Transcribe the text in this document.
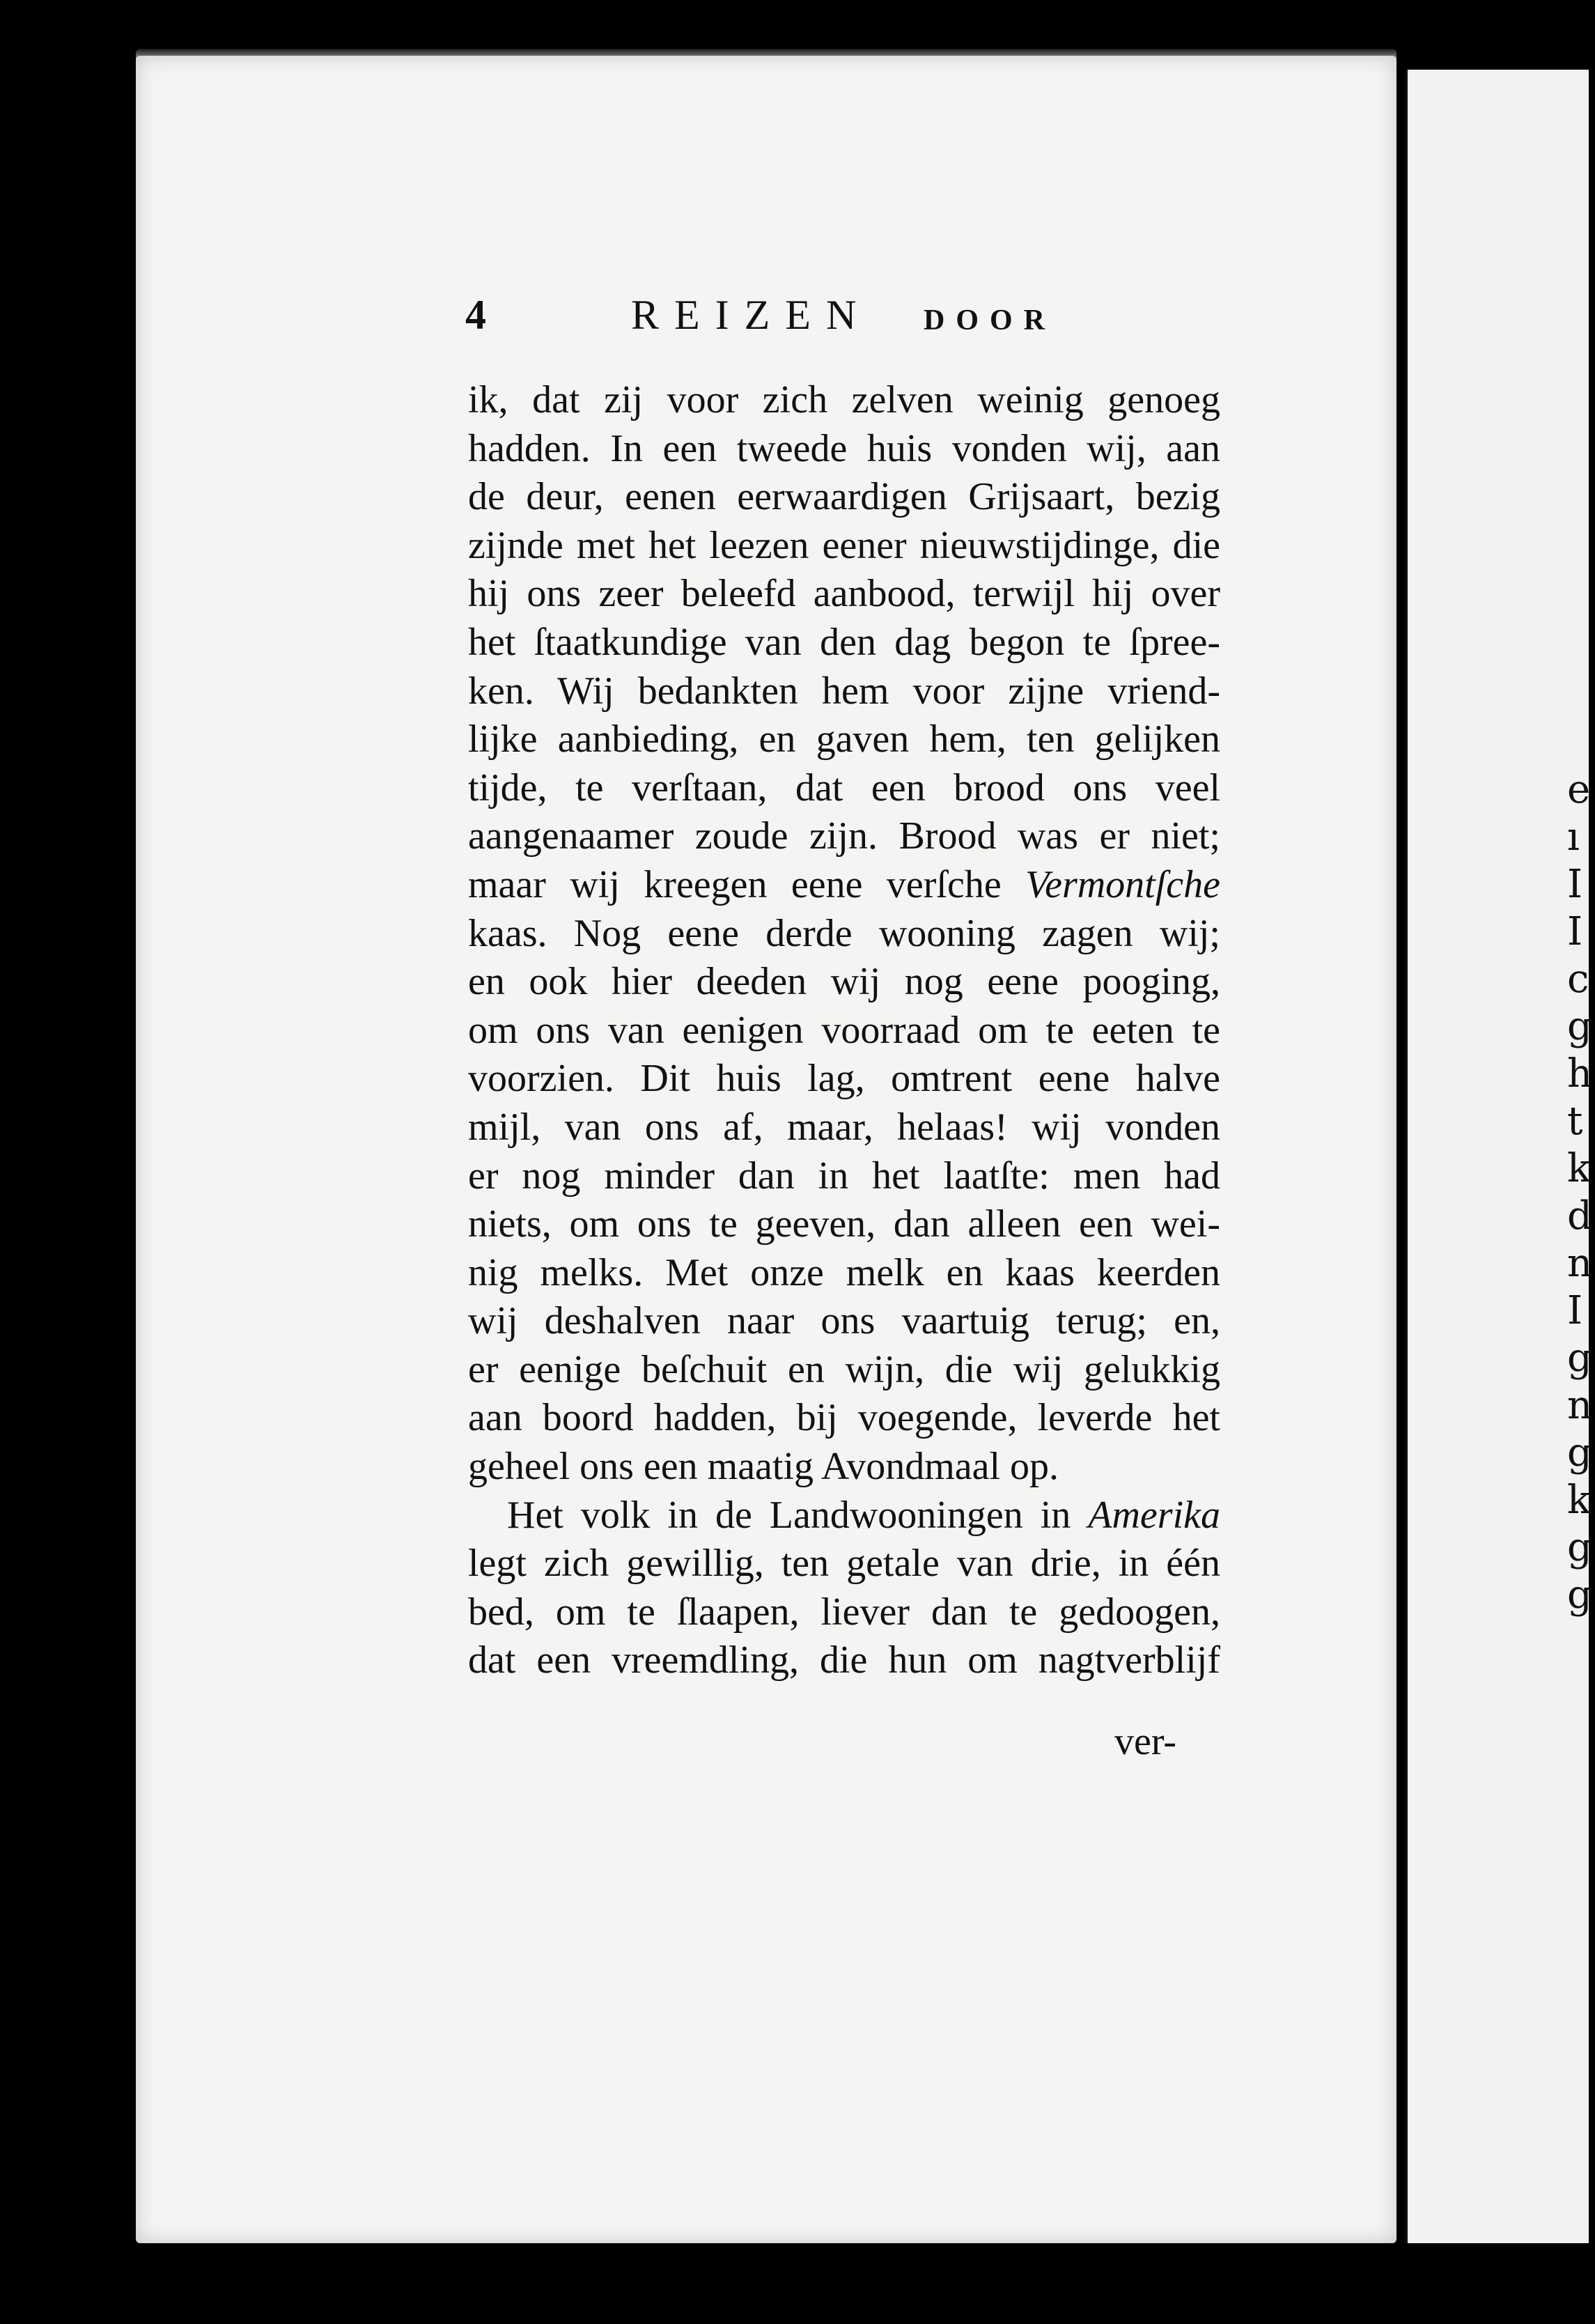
e
ı
I
I
c
g
h
t
k
d
n
I
g
n
g
k
g
g
4	REIZEN DOOR
ik, dat zij voor zich zelven weinig genoeg
hadden. In een tweede huis vonden wij, aan
de deur, eenen eerwaardigen Grijsaart, bezig
zijnde met het leezen eener nieuwstijdinge, die
hij ons zeer beleefd aanbood, terwijl hij over
het ſtaatkundige van den dag begon te ſpree-
ken. Wij bedankten hem voor zijne vriend-
lijke aanbieding, en gaven hem, ten gelijken
tijde, te verſtaan, dat een brood ons veel
aangenaamer zoude zijn. Brood was er niet;
maar wij kreegen eene verſche Vermontſche
kaas. Nog eene derde wooning zagen wij;
en ook hier deeden wij nog eene pooging,
om ons van eenigen voorraad om te eeten te
voorzien. Dit huis lag, omtrent eene halve
mijl, van ons af, maar, helaas! wij vonden
er nog minder dan in het laatſte: men had
niets, om ons te geeven, dan alleen een wei-
nig melks. Met onze melk en kaas keerden
wij deshalven naar ons vaartuig terug; en,
er eenige beſchuit en wijn, die wij gelukkig
aan boord hadden, bij voegende, leverde het
geheel ons een maatig Avondmaal op.
Het volk in de Landwooningen in Amerika
legt zich gewillig, ten getale van drie, in één
bed, om te ſlaapen, liever dan te gedoogen,
dat een vreemdling, die hun om nagtverblijf
ver-
